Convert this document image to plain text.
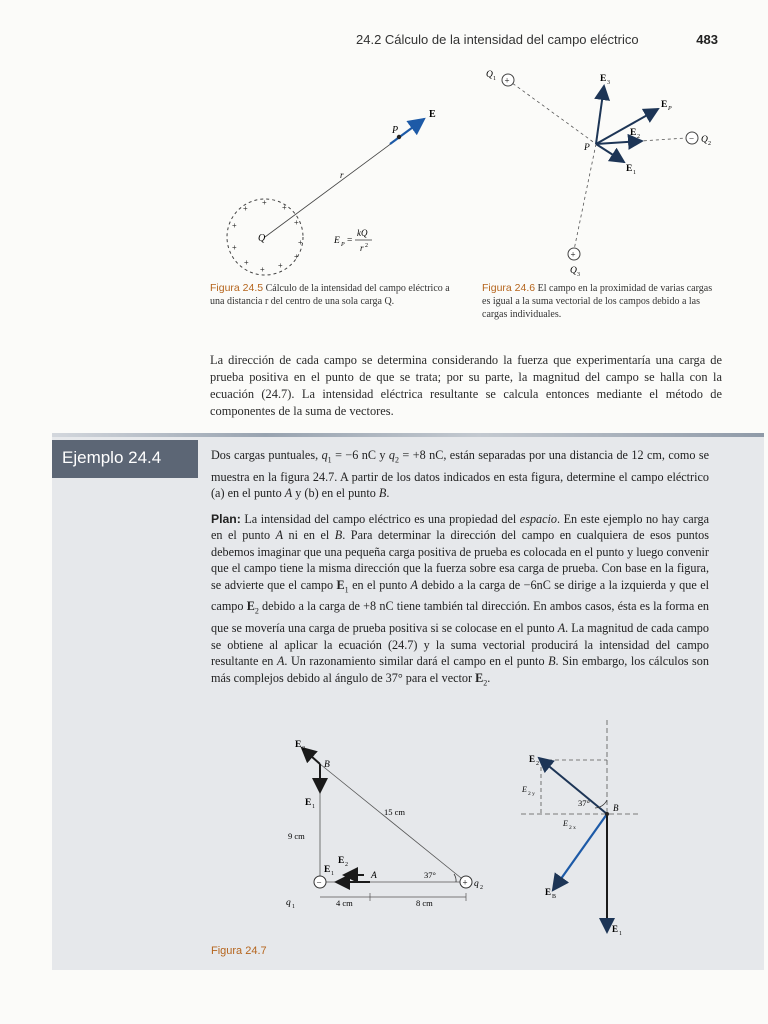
24.2 Cálculo de la intensidad del campo eléctrico	483
+
+
+
+
+
+
+
+
+ +
+
Q
P
E
r
E P =
kQ
r 2
Figura 24.5 Cálculo de la intensidad del campo eléctrico a una distancia r del centro de una sola carga Q.
+
−
+
Q 1
Q 2
Q 3
E 3
E P
E 2
E 1
P
Figura 24.6 El campo en la proximidad de varias cargas es igual a la suma vectorial de los campos debido a las cargas individuales.
La dirección de cada campo se determina considerando la fuerza que experimentaría una carga de prueba positiva en el punto de que se trata; por su parte, la magnitud del campo se halla con la ecuación (24.7). La intensidad eléctrica resultante se calcula entonces mediante el método de componentes de la suma de vectores.
Ejemplo 24.4	Dos cargas puntuales, $q_1 = -6$ nC y $q_2 = +8$ nC, están separadas por una distancia de 12 cm, como se muestra en la figura 24.7. A partir de los datos indicados en esta figura, determine el campo eléctrico (a) en el punto A y (b) en el punto B.
Plan: La intensidad del campo eléctrico es una propiedad del espacio. En este ejemplo no hay carga en el punto A ni en el B. Para determinar la dirección del campo en cualquiera de esos puntos debemos imaginar que una pequeña carga positiva de prueba es colocada en el punto y luego convenir que el campo tiene la misma dirección que la fuerza sobre esa carga de prueba. Con base en la figura, se advierte que el campo $E_1$ en el punto A debido a la carga de −6nC se dirige a la izquierda y que el campo $E_2$ debido a la carga de +8 nC tiene también tal dirección. En ambos casos, ésta es la forma en que se movería una carga de prueba positiva si se colocase en el punto A. La magnitud de cada campo se obtiene al aplicar la ecuación (24.7) y la suma vectorial producirá la intensidad del campo resultante en A. Un razonamiento similar dará el campo en el punto B. Sin embargo, los cálculos son más complejos debido al ángulo de 37° para el vector $E_2$.
−	+
E 2
B
E 1
9 cm
15 cm
E 2
E 1	A	37°
q 2
q 1	4 cm	8 cm
E 2
E 2 y
37°	B
E 2 x
E B
E 1
Figura 24.7
